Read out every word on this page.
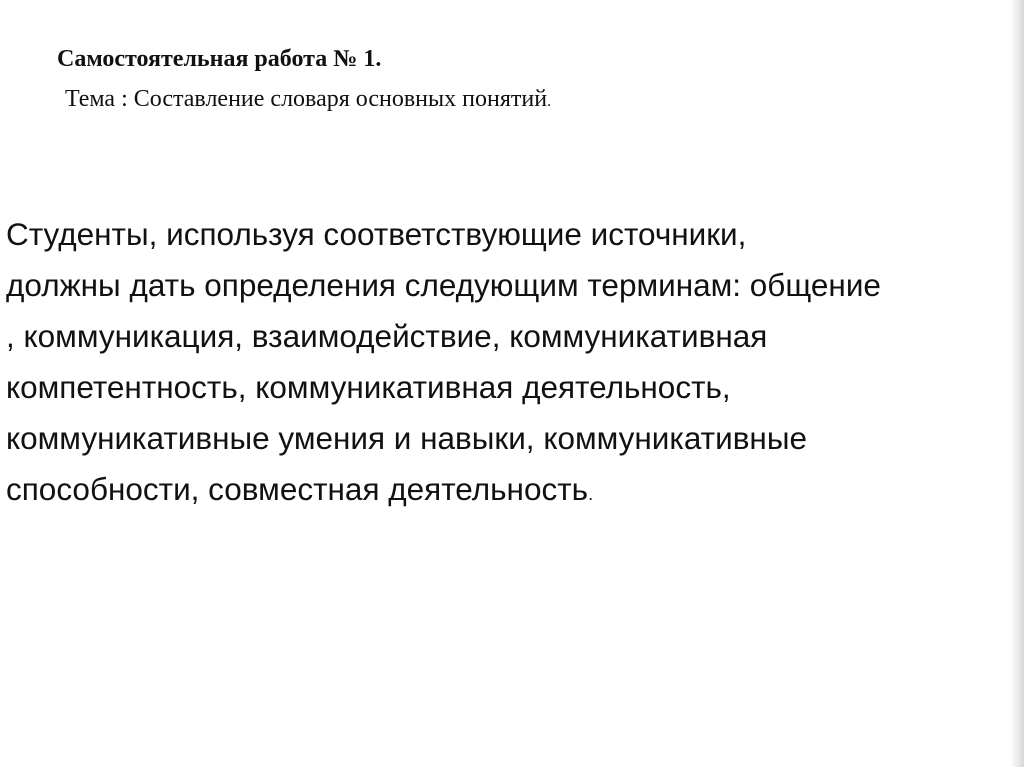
Самостоятельная работа № 1.

Тема : Составление словаря основных понятий.

Студенты, используя соответствующие источники,
должны дать определения следующим терминам: общение
, коммуникация, взаимодействие, коммуникативная
компетентность, коммуникативная деятельность,
коммуникативные умения и навыки, коммуникативные
способности, совместная деятельность.
